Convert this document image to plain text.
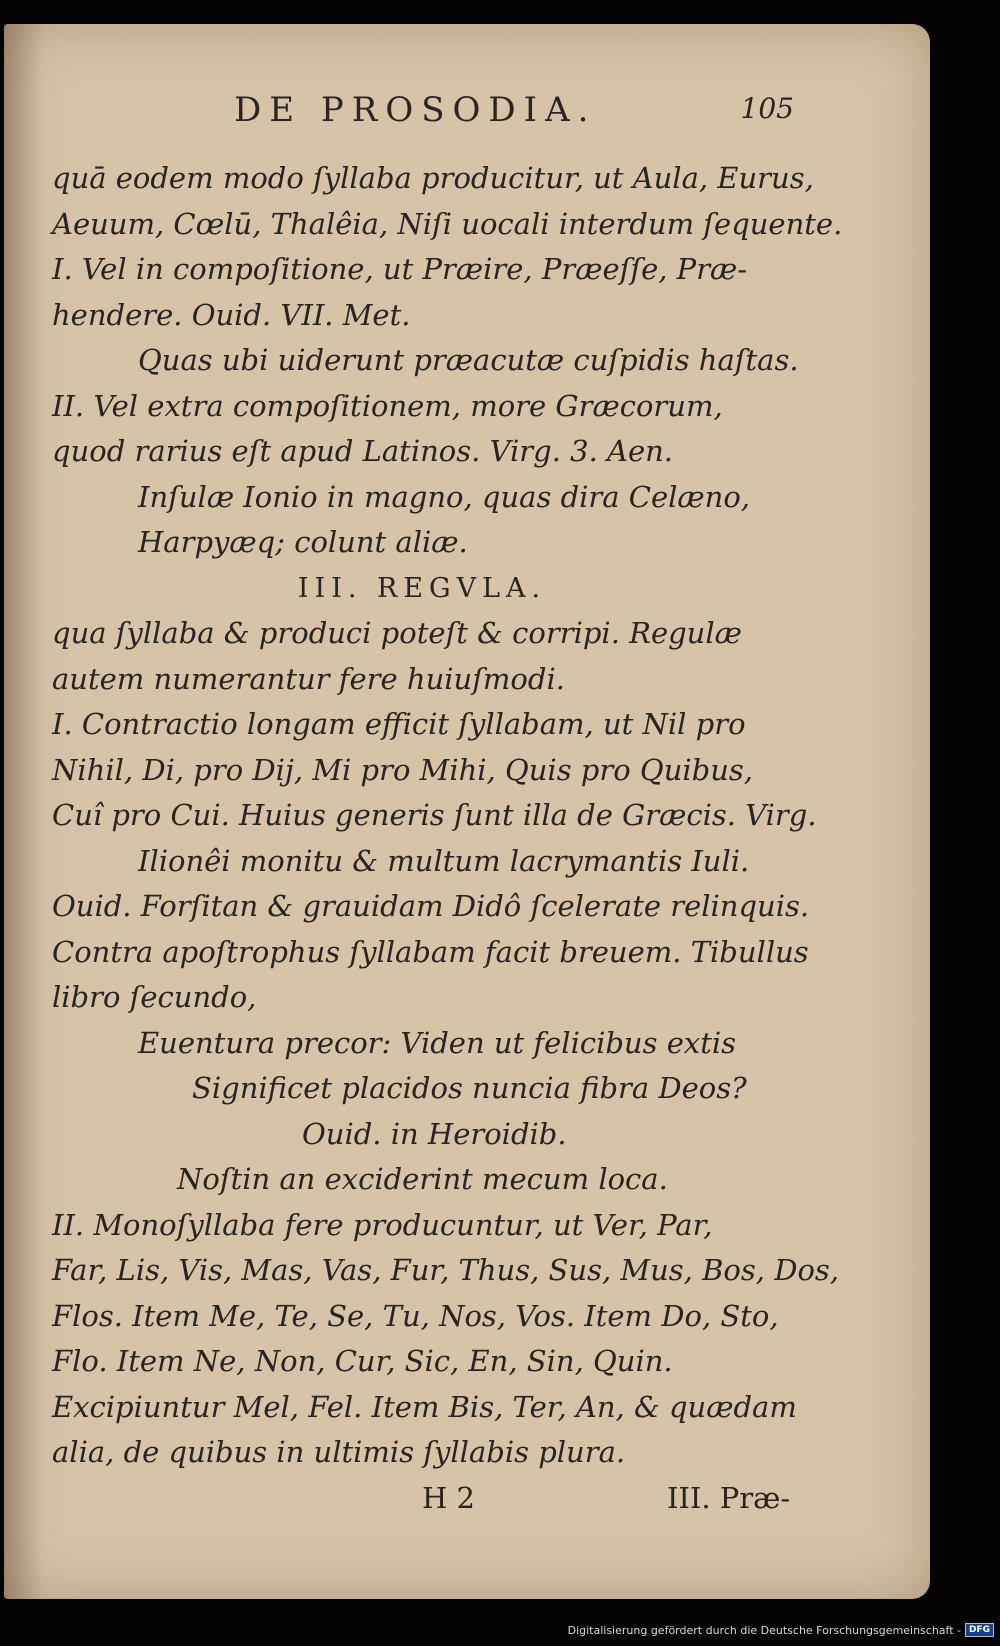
DE PROSODIA.	105
quā eodem modo ſyllaba producitur, ut Aula, Eurus,
Aeuum, Cœlū, Thalêia, Niſi uocali interdum ſequente.
I. Vel in compoſitione, ut Præire, Præeſſe, Præ-
hendere. Ouid. VII. Met.
Quas ubi uiderunt præacutæ cuſpidis haſtas.
II. Vel extra compoſitionem, more Græcorum,
quod rarius eſt apud Latinos. Virg. 3. Aen.
Inſulæ Ionio in magno, quas dira Celæno,
Harpyæq; colunt aliæ.
III. REGVLA.
qua ſyllaba & produci poteſt & corripi. Regulæ
autem numerantur fere huiuſmodi.
I. Contractio longam efficit ſyllabam, ut Nil pro
Nihil, Di, pro Dij, Mi pro Mihi, Quis pro Quibus,
Cuî pro Cui. Huius generis ſunt illa de Græcis. Virg.
Ilionêi monitu & multum lacrymantis Iuli.
Ouid. Forſitan & grauidam Didô ſcelerate relinquis.
Contra apoſtrophus ſyllabam facit breuem. Tibullus
libro ſecundo,
Euentura precor: Viden ut felicibus extis
Significet placidos nuncia fibra Deos?
Ouid. in Heroidib.
Noſtin an exciderint mecum loca.
II. Monoſyllaba fere producuntur, ut Ver, Par,
Far, Lis, Vis, Mas, Vas, Fur, Thus, Sus, Mus, Bos, Dos,
Flos. Item Me, Te, Se, Tu, Nos, Vos. Item Do, Sto,
Flo. Item Ne, Non, Cur, Sic, En, Sin, Quin.
Excipiuntur Mel, Fel. Item Bis, Ter, An, & quædam
alia, de quibus in ultimis ſyllabis plura.
H 2	III. Præ-
Digitalisierung gefördert durch die Deutsche Forschungsgemeinschaft - DFG
